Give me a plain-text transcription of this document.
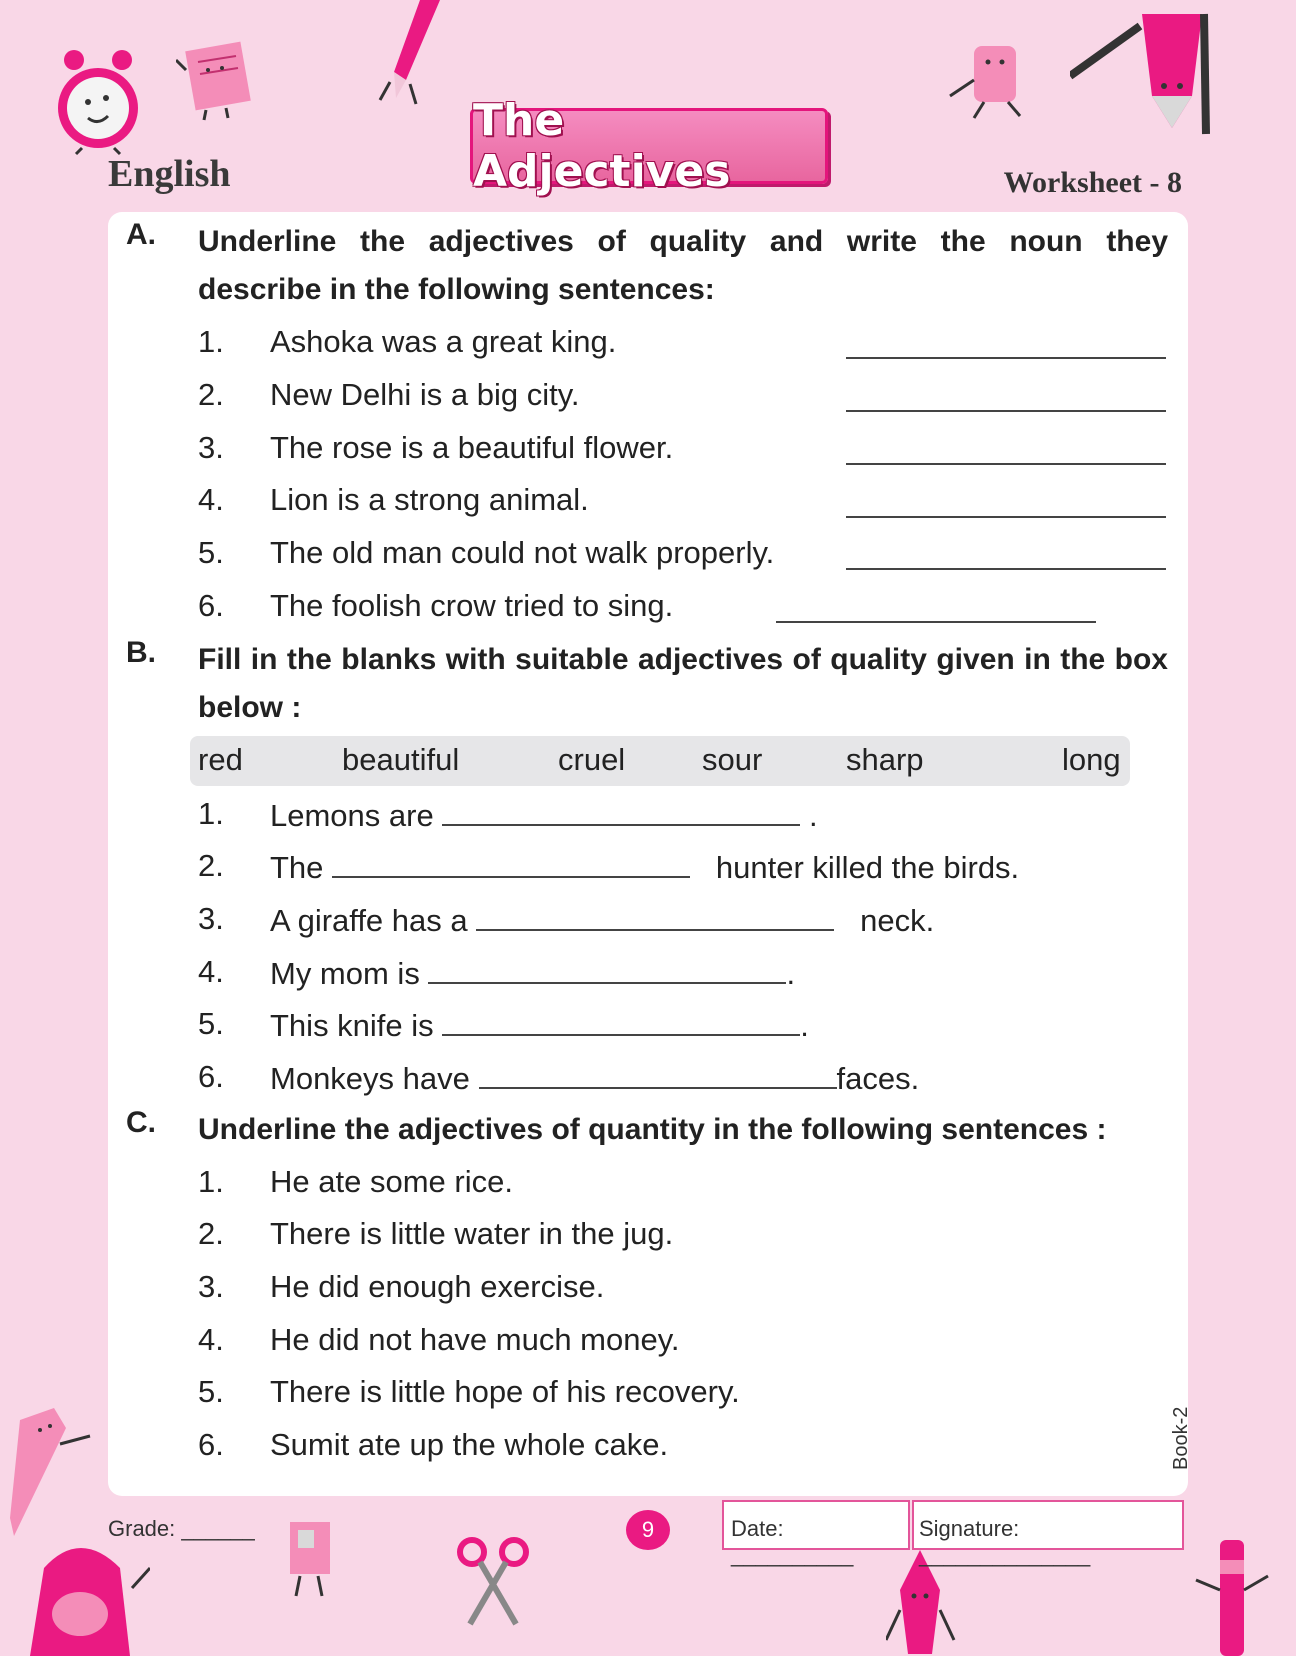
English
The Adjectives	Worksheet - 8
A. Underline the adjectives of quality and write the noun they
describe in the following sentences:
1. Ashoka was a great king.
2. New Delhi is a big city.
3. The rose is a beautiful flower.
4. Lion is a strong animal.
5. The old man could not walk properly.
6. The foolish crow tried to sing.
B. Fill in the blanks with suitable adjectives of quality given in the box
below :
red	beautiful	cruel sour	sharp	long
1. Lemons are	.
2. The	hunter killed the birds.
3. A giraffe has a	neck.
4. My mom is	.
5. This knife is	.
6. Monkeys have	faces.
C. Underline the adjectives of quantity in the following sentences :
1. He ate some rice.
2. There is little water in the jug.
3. He did enough exercise.
4. He did not have much money.
5. There is little hope of his recovery.
6. Sumit ate up the whole cake.	Book-2
Grade: ______	9	Date: __________
Signature: ______________
